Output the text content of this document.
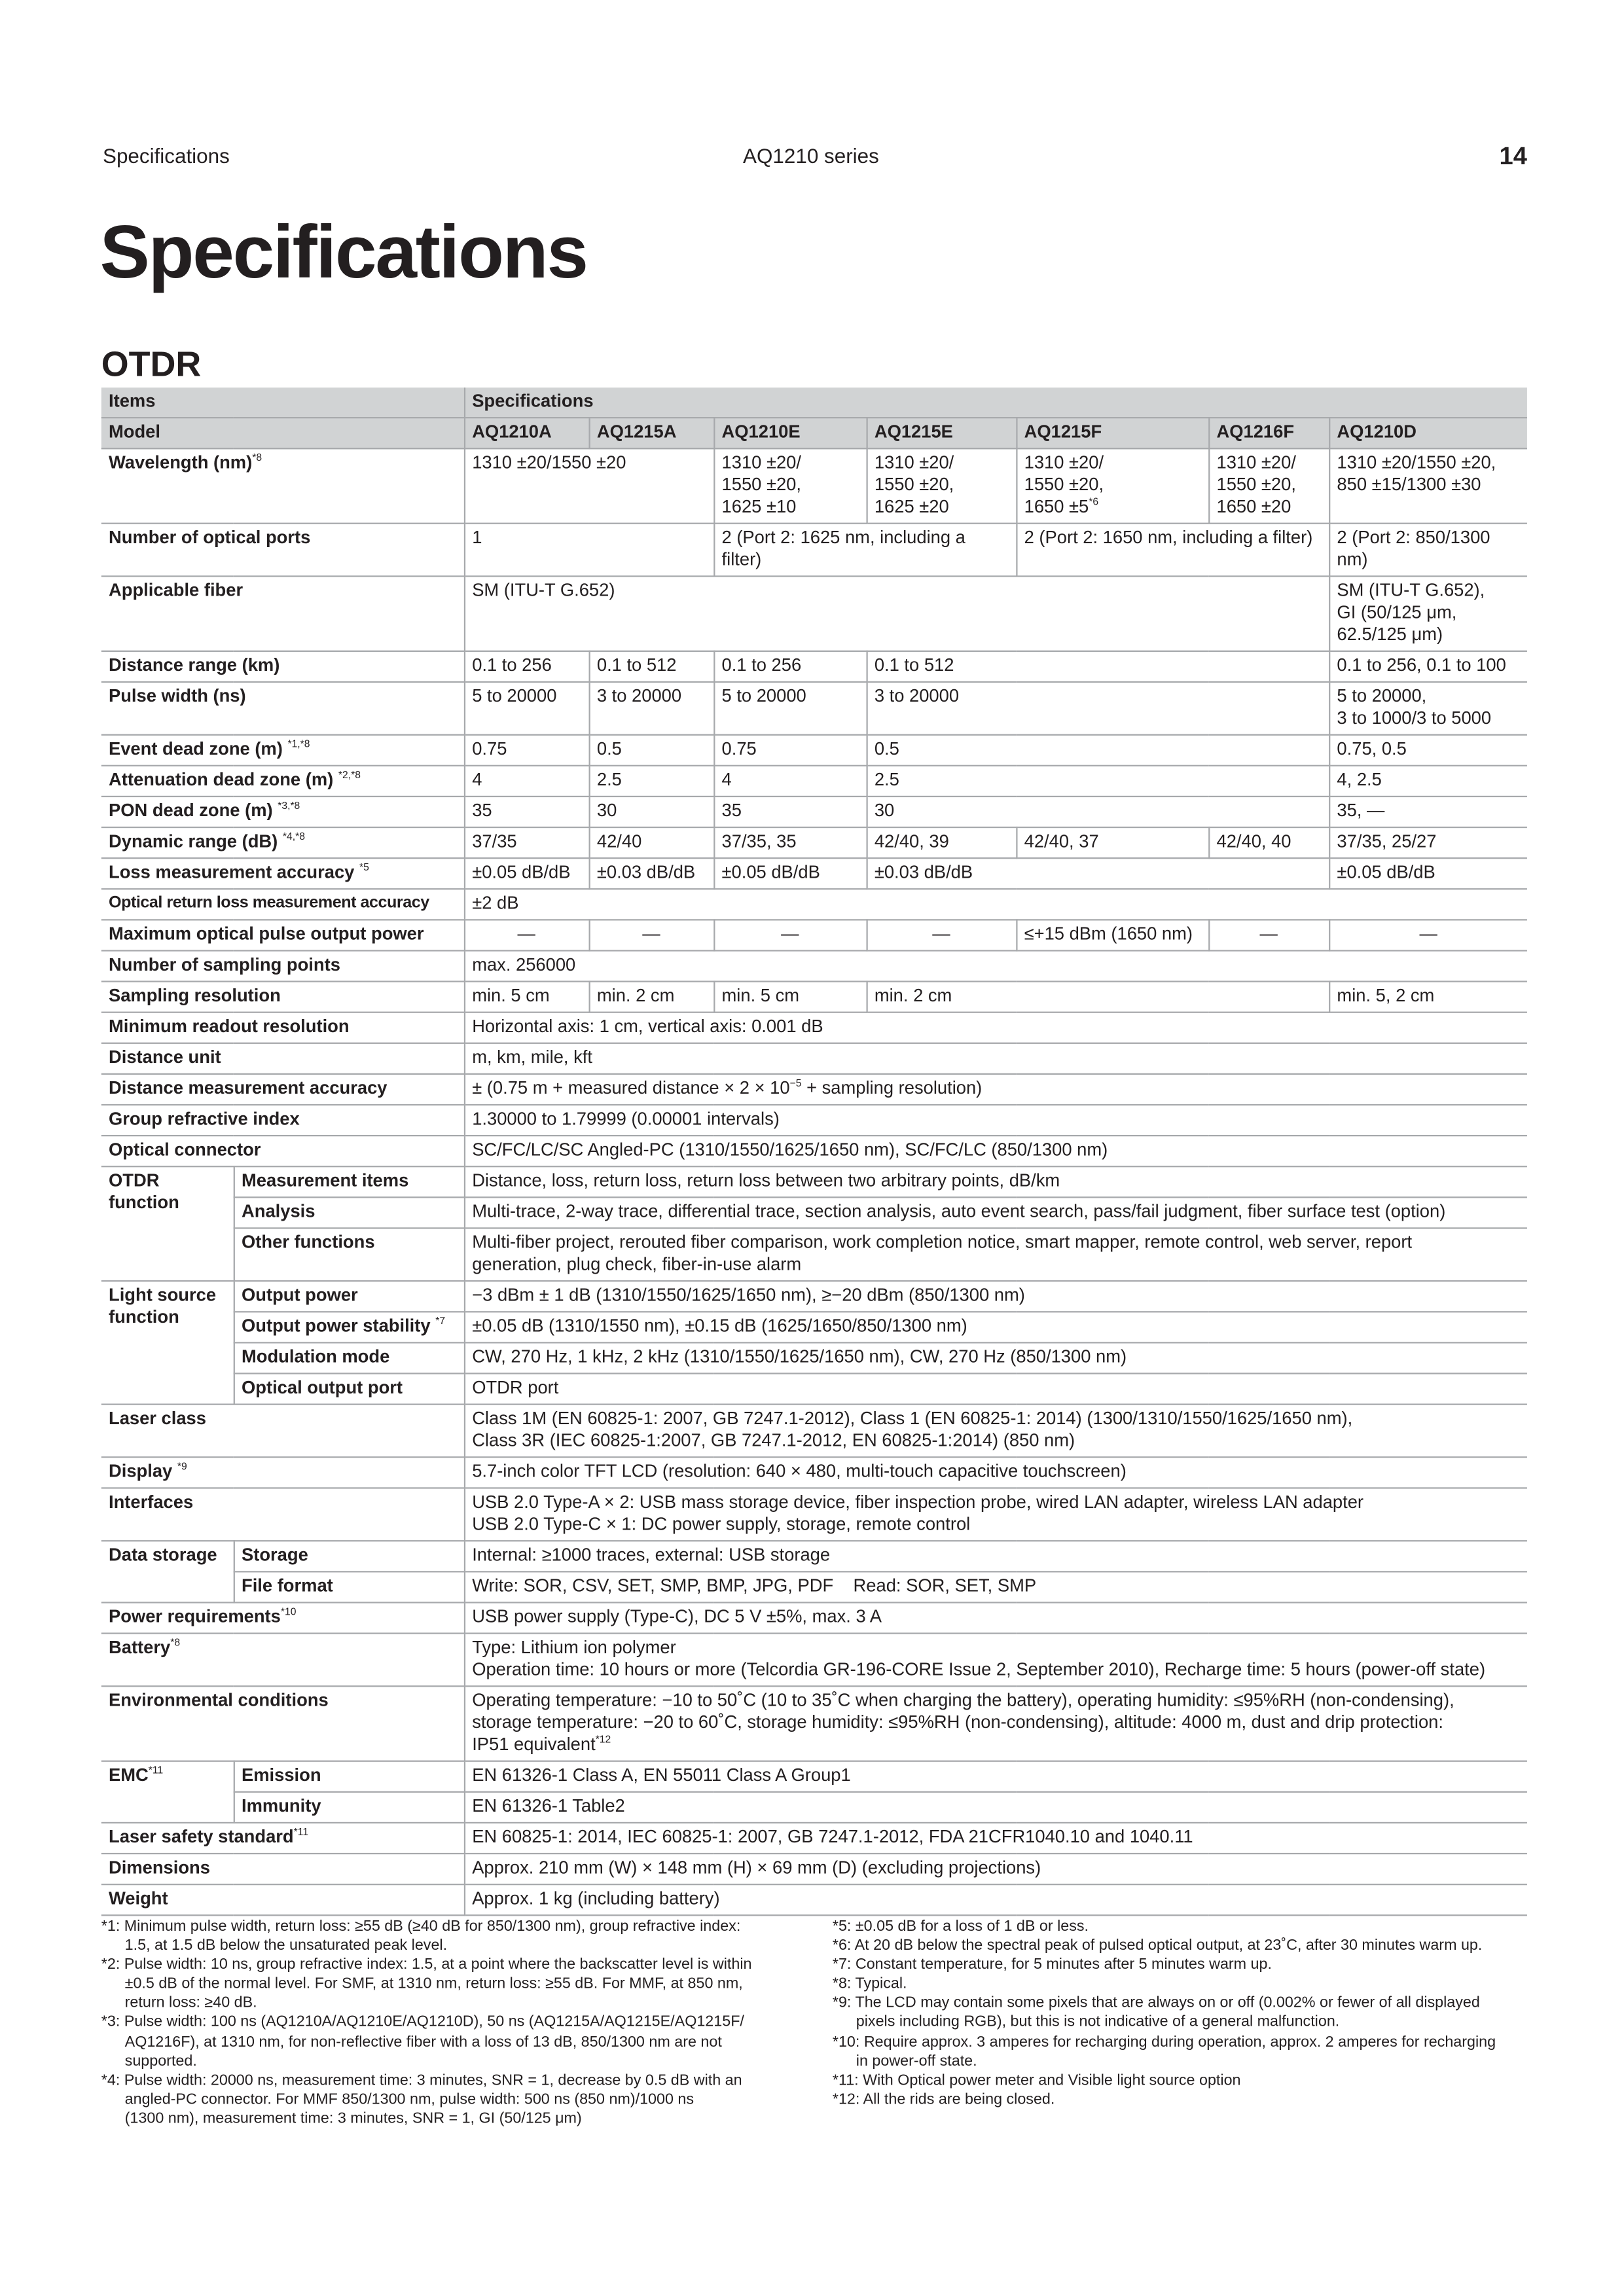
Specifications	AQ1210 series	14
Specifications
OTDR
Items		Specifications						
Model		AQ1210A	AQ1215A	AQ1210E	AQ1215E	AQ1215F	AQ1216F	AQ1210D
Wavelength (nm)$^{*8}$		1310 ±20/1550 ±20		1310 ±20/
1550 ±20,
1625 ±10	1310 ±20/
1550 ±20,
1625 ±20	1310 ±20/
1550 ±20,
$1650 \pm 5^{*6}$	1310 ±20/
1550 ±20,
1650 ±20	1310 ±20/1550 ±20,
850 ±15/1300 ±30
Number of optical ports		1		2 (Port 2: 1625 nm, including a filter)		2 (Port 2: 1650 nm, including a filter)		2 (Port 2: 850/1300 nm)
Applicable fiber		SM (ITU-T G.652)						SM (ITU-T G.652),
GI (50/125 μm,
62.5/125 μm)
Distance range (km)		0.1 to 256	0.1 to 512	0.1 to 256	0.1 to 512			0.1 to 256, 0.1 to 100
Pulse width (ns)		5 to 20000	3 to 20000	5 to 20000	3 to 20000			5 to 20000,
3 to 1000/3 to 5000
Event dead zone (m) $^{*1,*8}$		0.75	0.5	0.75	0.5			0.75, 0.5
Attenuation dead zone (m) $^{*2,*8}$		4	2.5	4	2.5			4, 2.5
PON dead zone (m) $^{*3,*8}$		35	30	35	30			35, —
Dynamic range (dB) $^{*4,*8}$		37/35	42/40	37/35, 35	42/40, 39	42/40, 37	42/40, 40	37/35, 25/27
Loss measurement accuracy $^{*5}$		±0.05 dB/dB	±0.03 dB/dB	±0.05 dB/dB	±0.03 dB/dB			±0.05 dB/dB
Optical return loss measurement accuracy		±2 dB						
Maximum optical pulse output power		—	—	—	—	≤+15 dBm (1650 nm)	—	—
Number of sampling points		max. 256000						
Sampling resolution		min. 5 cm	min. 2 cm	min. 5 cm	min. 2 cm			min. 5, 2 cm
Minimum readout resolution		Horizontal axis: 1 cm, vertical axis: 0.001 dB						
Distance unit		m, km, mile, kft						
Distance measurement accuracy		± (0.75 m + measured distance × $2 \times 10^{-5}$ + sampling resolution)						
Group refractive index		1.30000 to 1.79999 (0.00001 intervals)						
Optical connector		SC/FC/LC/SC Angled-PC (1310/1550/1625/1650 nm), SC/FC/LC (850/1300 nm)						
OTDR
function	Measurement items	Distance, loss, return loss, return loss between two arbitrary points, dB/km						
	Analysis	Multi-trace, 2-way trace, differential trace, section analysis, auto event search, pass/fail judgment, fiber surface test (option)						
	Other functions	Multi-fiber project, rerouted fiber comparison, work completion notice, smart mapper, remote control, web server, report
generation, plug check, fiber-in-use alarm						
Light source
function	Output power	−3 dBm ± 1 dB (1310/1550/1625/1650 nm), ≥−20 dBm (850/1300 nm)						
	Output power stability $^{*7}$	±0.05 dB (1310/1550 nm), ±0.15 dB (1625/1650/850/1300 nm)						
	Modulation mode	CW, 270 Hz, 1 kHz, 2 kHz (1310/1550/1625/1650 nm), CW, 270 Hz (850/1300 nm)						
	Optical output port	OTDR port						
Laser class		Class 1M (EN 60825-1: 2007, GB 7247.1-2012), Class 1 (EN 60825-1: 2014) (1300/1310/1550/1625/1650 nm),
Class 3R (IEC 60825-1:2007, GB 7247.1-2012, EN 60825-1:2014) (850 nm)						
Display $^{*9}$		5.7-inch color TFT LCD (resolution: 640 × 480, multi-touch capacitive touchscreen)						
Interfaces		USB 2.0 Type-A × 2: USB mass storage device, fiber inspection probe, wired LAN adapter, wireless LAN adapter
USB 2.0 Type-C × 1: DC power supply, storage, remote control						
Data storage	Storage	Internal: ≥1000 traces, external: USB storage						
	File format	Write: SOR, CSV, SET, SMP, BMP, JPG, PDF    Read: SOR, SET, SMP						
Power requirements$^{*10}$		USB power supply (Type-C), DC 5 V ±5%, max. 3 A						
Battery$^{*8}$		Type: Lithium ion polymer
Operation time: 10 hours or more (Telcordia GR-196-CORE Issue 2, September 2010), Recharge time: 5 hours (power-off state)						
Environmental conditions		Operating temperature: −10 to 50˚C (10 to 35˚C when charging the battery), operating humidity: ≤95%RH (non-condensing),
storage temperature: −20 to 60˚C, storage humidity: ≤95%RH (non-condensing), altitude: 4000 m, dust and drip protection:
IP51 equivalent$^{*12}$
EMC$^{*11}$	Emission	EN 61326-1 Class A, EN 55011 Class A Group1						
	Immunity	EN 61326-1 Table2						
Laser safety standard$^{*11}$		EN 60825-1: 2014, IEC 60825-1: 2007, GB 7247.1-2012, FDA 21CFR1040.10 and 1040.11						
Dimensions		Approx. 210 mm (W) × 148 mm (H) × 69 mm (D) (excluding projections)						
Weight		Approx. 1 kg (including battery)						
*1: Minimum pulse width, return loss: ≥55 dB (≥40 dB for 850/1300 nm), group refractive index:
1.5, at 1.5 dB below the unsaturated peak level.
*2: Pulse width: 10 ns, group refractive index: 1.5, at a point where the backscatter level is within
±0.5 dB of the normal level. For SMF, at 1310 nm, return loss: ≥55 dB. For MMF, at 850 nm,
return loss: ≥40 dB.
*3: Pulse width: 100 ns (AQ1210A/AQ1210E/AQ1210D), 50 ns (AQ1215A/AQ1215E/AQ1215F/
AQ1216F), at 1310 nm, for non-reflective fiber with a loss of 13 dB, 850/1300 nm are not
supported.
*4: Pulse width: 20000 ns, measurement time: 3 minutes, SNR = 1, decrease by 0.5 dB with an
angled-PC connector. For MMF 850/1300 nm, pulse width: 500 ns (850 nm)/1000 ns
(1300 nm), measurement time: 3 minutes, SNR = 1, GI (50/125 μm)
*5: ±0.05 dB for a loss of 1 dB or less.
*6: At 20 dB below the spectral peak of pulsed optical output, at 23˚C, after 30 minutes warm up.
*7: Constant temperature, for 5 minutes after 5 minutes warm up.
*8: Typical.
*9: The LCD may contain some pixels that are always on or off (0.002% or fewer of all displayed
pixels including RGB), but this is not indicative of a general malfunction.
*10: Require approx. 3 amperes for recharging during operation, approx. 2 amperes for recharging
in power-off state.
*11: With Optical power meter and Visible light source option
*12: All the rids are being closed.
